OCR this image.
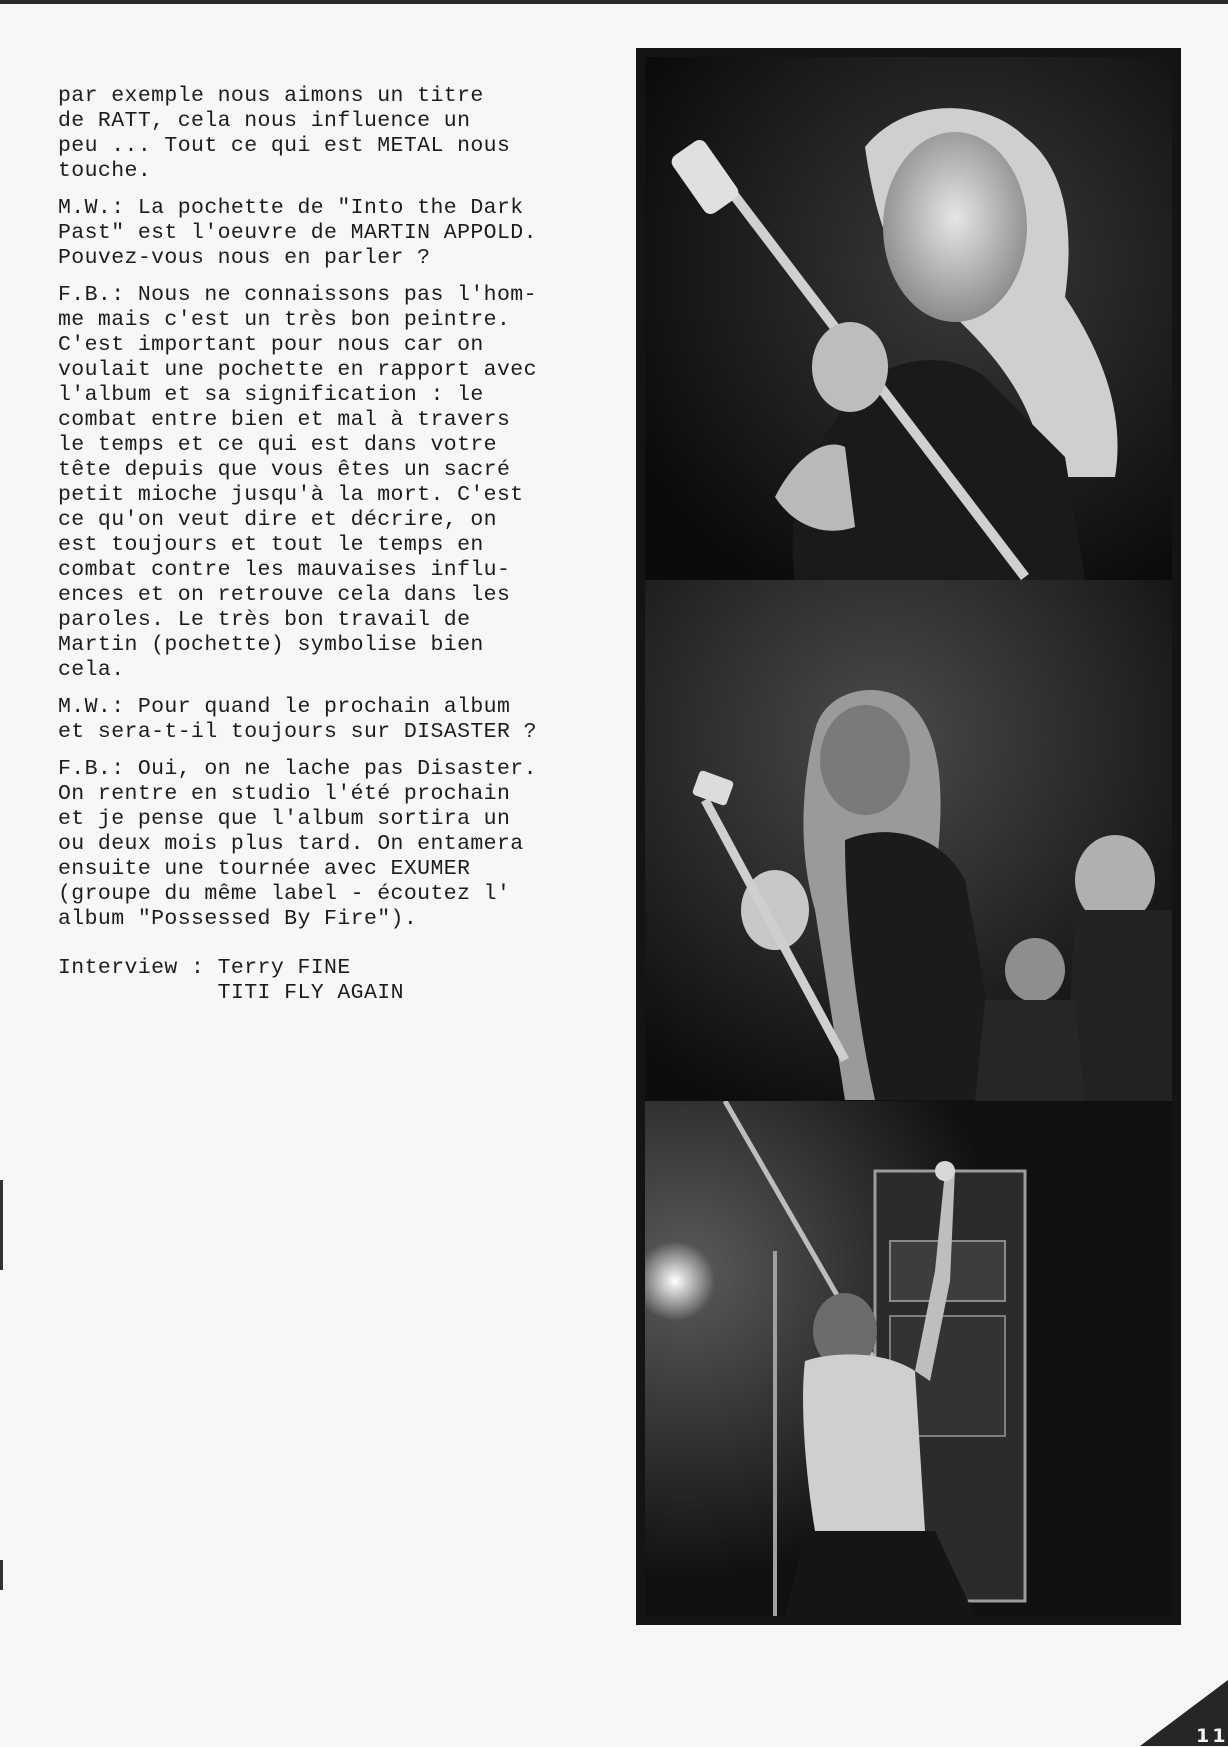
par exemple nous aimons un titre
de RATT, cela nous influence un
peu ... Tout ce qui est METAL nous
touche.

M.W.: La pochette de "Into the Dark
Past" est l'oeuvre de MARTIN APPOLD.
Pouvez-vous nous en parler ?

F.B.: Nous ne connaissons pas l'hom-
me mais c'est un très bon peintre.
C'est important pour nous car on
voulait une pochette en rapport avec
l'album et sa signification : le
combat entre bien et mal à travers
le temps et ce qui est dans votre
tête depuis que vous êtes un sacré
petit mioche jusqu'à la mort. C'est
ce qu'on veut dire et décrire, on
est toujours et tout le temps en
combat contre les mauvaises influ-
ences et on retrouve cela dans les
paroles. Le très bon travail de
Martin (pochette) symbolise bien
cela.

M.W.: Pour quand le prochain album
et sera-t-il toujours sur DISASTER ?

F.B.: Oui, on ne lache pas Disaster.
On rentre en studio l'été prochain
et je pense que l'album sortira un
ou deux mois plus tard. On entamera
ensuite une tournée avec EXUMER
(groupe du même label - écoutez l'
album "Possessed By Fire").

Interview : Terry FINE
TITI FLY AGAIN
11
